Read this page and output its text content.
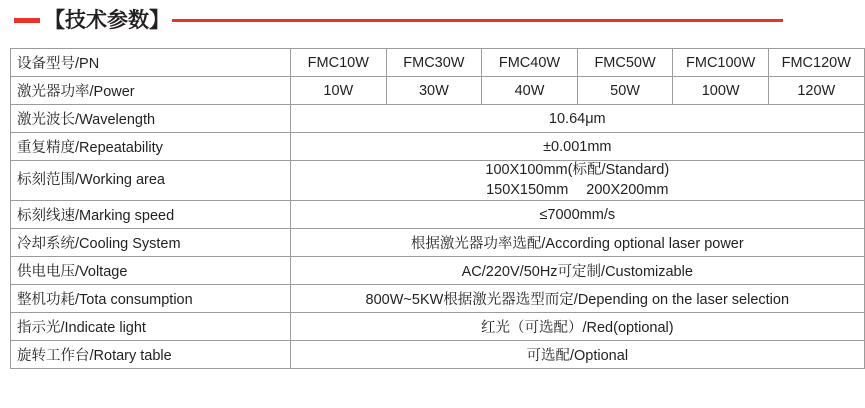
【技术参数】
设备型号/PN	FMC10W	FMC30W	FMC40W	FMC50W	FMC100W	FMC120W
激光器功率/Power	10W	30W	40W	50W	100W	120W
激光波长/Wavelength	10.64μm					
重复精度/Repeatability	±0.001mm					
标刻范围/Working area	100X100mm(标配/Standard)
150X150mm 200X200mm					

标刻线速/Marking speed	≤7000mm/s					
冷却系统/Cooling System	根据激光器功率选配/According optional laser power					
供电电压/Voltage	AC/220V/50Hz可定制/Customizable					
整机功耗/Tota consumption	800W~5KW根据激光器选型而定/Depending on the laser selection					
指示光/Indicate light	红光（可选配）/Red(optional)					
旋转工作台/Rotary table	可选配/Optional					
